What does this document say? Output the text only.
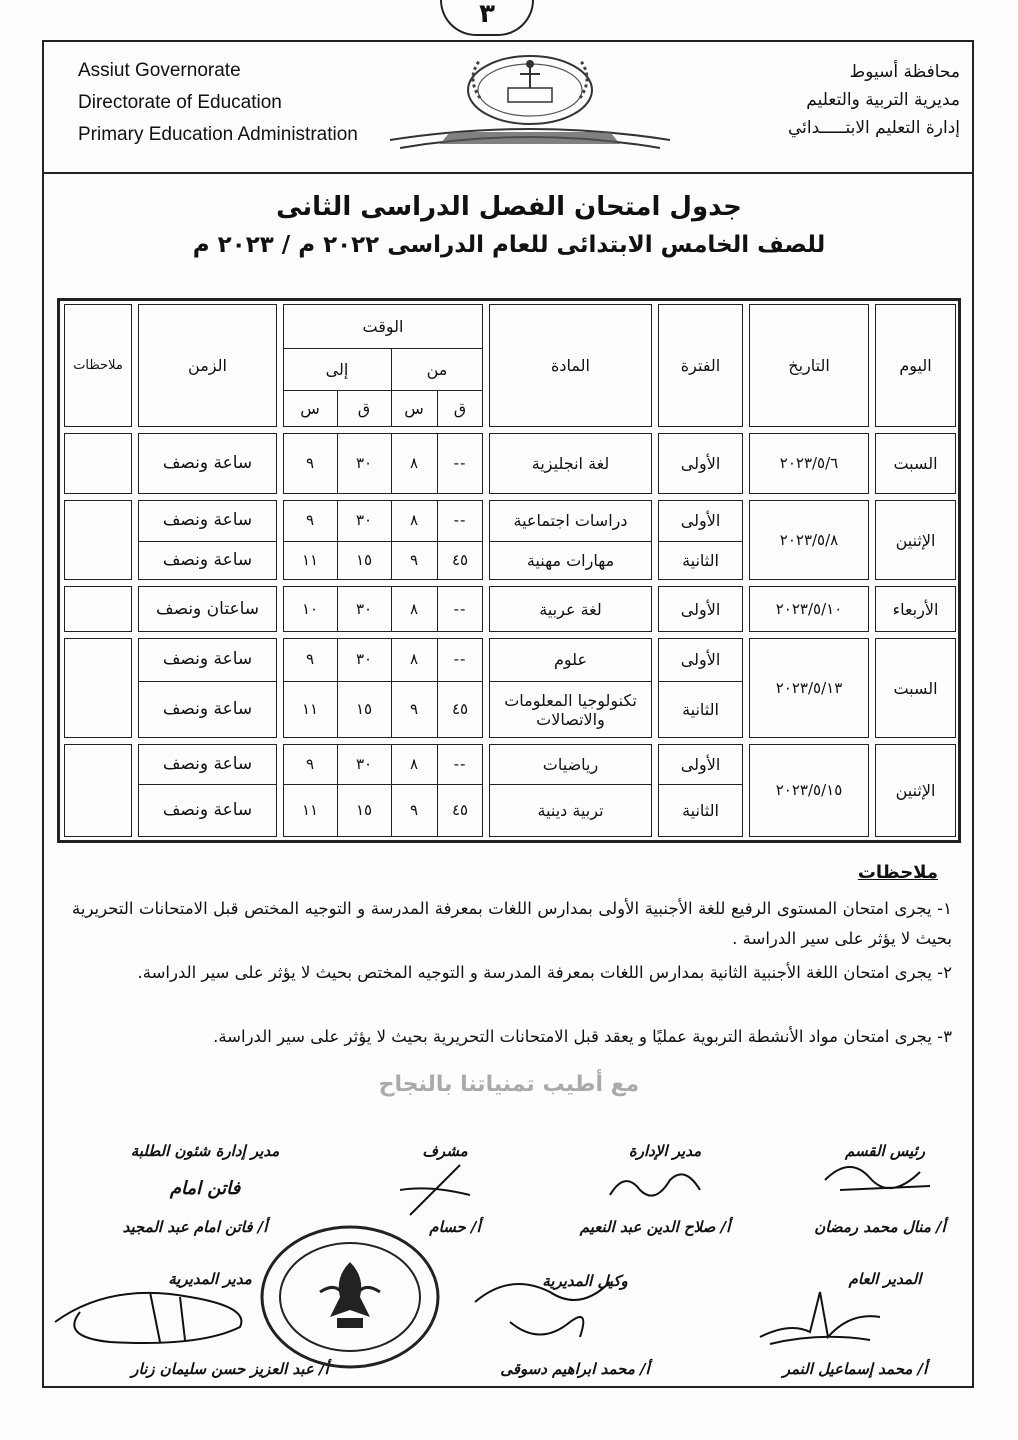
٣
Assiut Governorate
Directorate of Education
Primary Education Administration
محافظة أسيوط
مديرية التربية والتعليم
إدارة التعليم الابتـــــدائي
جدول امتحان الفصل الدراسى الثانى
للصف الخامس الابتدائى للعام الدراسى ٢٠٢٢ م / ٢٠٢٣ م
اليوم
التاريخ
الفترة
المادة
الوقت
من
إلى
ق
س
ق
س
الزمن
ملاحظات
السبت
٢٠٢٣/٥/٦
الأولى
لغة انجليزية
--
٨
٣٠
٩
ساعة ونصف
الإثنين
٢٠٢٣/٥/٨
الأولى
دراسات اجتماعية
--
٨
٣٠
٩
ساعة ونصف
الثانية
مهارات مهنية
٤٥
٩
١٥
١١
ساعة ونصف
الأربعاء
٢٠٢٣/٥/١٠
الأولى
لغة عربية
--
٨
٣٠
١٠
ساعتان ونصف
السبت
٢٠٢٣/٥/١٣
الأولى
علوم
--
٨
٣٠
٩
ساعة ونصف
الثانية
تكنولوجيا المعلومات والاتصالات
٤٥
٩
١٥
١١
ساعة ونصف
الإثنين
٢٠٢٣/٥/١٥
الأولى
رياضيات
--
٨
٣٠
٩
ساعة ونصف
الثانية
تربية دينية
٤٥
٩
١٥
١١
ساعة ونصف
ملاحظات
١- يجرى امتحان المستوى الرفيع للغة الأجنبية الأولى بمدارس اللغات بمعرفة المدرسة و التوجيه المختص قبل الامتحانات التحريرية بحيث لا يؤثر على سير الدراسة .
٢- يجرى امتحان اللغة الأجنبية الثانية بمدارس اللغات بمعرفة المدرسة و التوجيه المختص بحيث لا يؤثر على سير الدراسة.
٣- يجرى امتحان مواد الأنشطة التربوية عمليًا و يعقد قبل الامتحانات التحريرية بحيث لا يؤثر على سير الدراسة.
مع أطيب تمنياتنا بالنجاح
رئيس القسم
أ/ منال محمد رمضان
مدير الإدارة
أ/ صلاح الدين عبد النعيم
مشرف
أ/ حسام
مدير إدارة شئون الطلبة
فاتن امام
أ/ فاتن امام عبد المجيد
المدير العام
أ/ محمد إسماعيل النمر
وكيل المديرية
أ/ محمد ابراهيم دسوقى
مدير المديرية
أ/ عبد العزيز حسن سليمان زنار
